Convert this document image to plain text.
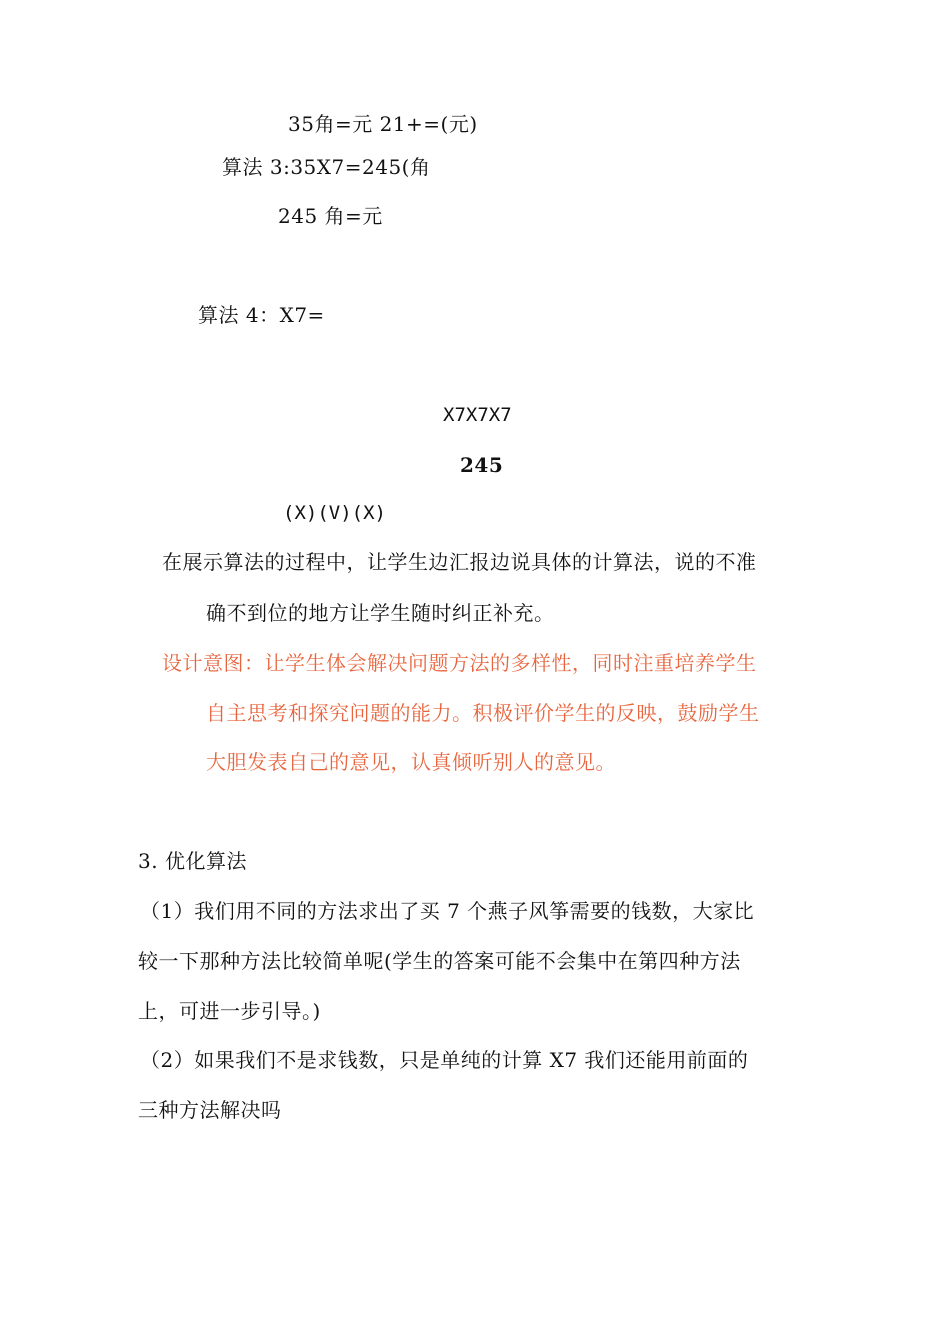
35角=元 21+=(元)
算法 3:35X7=245(角
245 角=元
算法 4：X7=
X7X7X7
245
(X)(V)(X)
在展示算法的过程中，让学生边汇报边说具体的计算法，说的不准
确不到位的地方让学生随时纠正补充。
设计意图：让学生体会解决问题方法的多样性，同时注重培养学生
自主思考和探究问题的能力。积极评价学生的反映，鼓励学生
大胆发表自己的意见，认真倾听别人的意见。
3. 优化算法
（1）我们用不同的方法求出了买 7 个燕子风筝需要的钱数，大家比
较一下那种方法比较简单呢(学生的答案可能不会集中在第四种方法
上，可进一步引导。)
（2）如果我们不是求钱数，只是单纯的计算 X7 我们还能用前面的
三种方法解决吗
